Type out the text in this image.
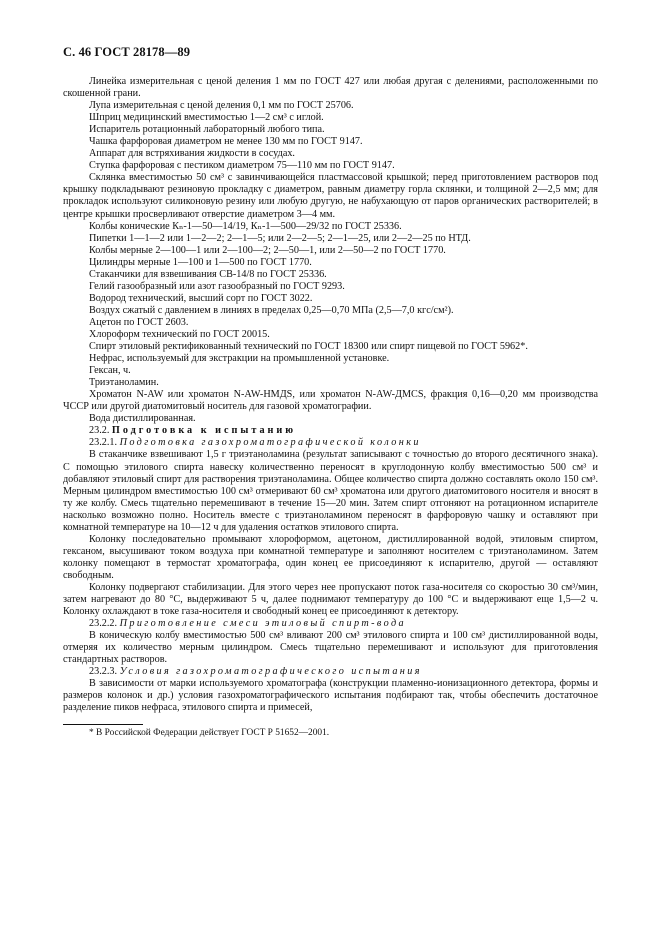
С. 46 ГОСТ 28178—89

Линейка измерительная с ценой деления 1 мм по ГОСТ 427 или любая другая с делениями, расположенными по скошенной грани.

Лупа измерительная с ценой деления 0,1 мм по ГОСТ 25706.

Шприц медицинский вместимостью 1—2 см³ с иглой.

Испаритель ротационный лабораторный любого типа.

Чашка фарфоровая диаметром не менее 130 мм по ГОСТ 9147.

Аппарат для встряхивания жидкости в сосудах.

Ступка фарфоровая с пестиком диаметром 75—110 мм по ГОСТ 9147.

Склянка вместимостью 50 см³ с завинчивающейся пластмассовой крышкой; перед приготовлением растворов под крышку подкладывают резиновую прокладку с диаметром, равным диаметру горла склянки, и толщиной 2—2,5 мм; для прокладок используют силиконовую резину или любую другую, не набухающую от паров органических растворителей; в центре крышки просверливают отверстие диаметром 3—4 мм.

Колбы конические Кₙ-1—50—14/19, Кₙ-1—500—29/32 по ГОСТ 25336.

Пипетки 1—1—2 или 1—2—2; 2—1—5; или 2—2—5; 2—1—25, или 2—2—25 по НТД.

Колбы мерные 2—100—1 или 2—100—2; 2—50—1, или 2—50—2 по ГОСТ 1770.

Цилиндры мерные 1—100 и 1—500 по ГОСТ 1770.

Стаканчики для взвешивания СВ-14/8 по ГОСТ 25336.

Гелий газообразный или азот газообразный по ГОСТ 9293.

Водород технический, высший сорт по ГОСТ 3022.

Воздух сжатый с давлением в линиях в пределах 0,25—0,70 МПа (2,5—7,0 кгс/см²).

Ацетон по ГОСТ 2603.

Хлороформ технический по ГОСТ 20015.

Спирт этиловый ректификованный технический по ГОСТ 18300 или спирт пищевой по ГОСТ 5962*.

Нефрас, используемый для экстракции на промышленной установке.

Гексан, ч.

Триэтаноламин.

Хроматон N-AW или хроматон N-AW-HМДS, или хроматон N-AW-ДМСS, фракция 0,16—0,20 мм производства ЧССР или другой диатомитовый носитель для газовой хроматографии.

Вода дистиллированная.

23.2. Подготовка к испытанию

23.2.1. Подготовка газохроматографической колонки

В стаканчике взвешивают 1,5 г триэтаноламина (результат записывают с точностью до второго десятичного знака). С помощью этилового спирта навеску количественно переносят в круглодонную колбу вместимостью 500 см³ и добавляют этиловый спирт для растворения триэтаноламина. Общее количество спирта должно составлять около 150 см³. Мерным цилиндром вместимостью 100 см³ отмеривают 60 см³ хроматона или другого диатомитового носителя и вносят в ту же колбу. Смесь тщательно перемешивают в течение 15—20 мин. Затем спирт отгоняют на ротационном испарителе насколько возможно полно. Носитель вместе с триэтаноламином переносят в фарфоровую чашку и оставляют при комнатной температуре на 10—12 ч для удаления остатков этилового спирта.

Колонку последовательно промывают хлороформом, ацетоном, дистиллированной водой, этиловым спиртом, гексаном, высушивают током воздуха при комнатной температуре и заполняют носителем с триэтаноламином. Затем колонку помещают в термостат хроматографа, один конец ее присоединяют к испарителю, другой — оставляют свободным.

Колонку подвергают стабилизации. Для этого через нее пропускают поток газа-носителя со скоростью 30 см³/мин, затем нагревают до 80 °С, выдерживают 5 ч, далее поднимают температуру до 100 °С и выдерживают еще 1,5—2 ч. Колонку охлаждают в токе газа-носителя и свободный конец ее присоединяют к детектору.

23.2.2. Приготовление смеси этиловый спирт-вода

В коническую колбу вместимостью 500 см³ вливают 200 см³ этилового спирта и 100 см³ дистиллированной воды, отмеряя их количество мерным цилиндром. Смесь тщательно перемешивают и используют для приготовления стандартных растворов.

23.2.3. Условия газохроматографического испытания

В зависимости от марки используемого хроматографа (конструкции пламенно-ионизационного детектора, формы и размеров колонок и др.) условия газохроматографического испытания подбирают так, чтобы обеспечить достаточное разделение пиков нефраса, этилового спирта и примесей,

* В Российской Федерации действует ГОСТ Р 51652—2001.
